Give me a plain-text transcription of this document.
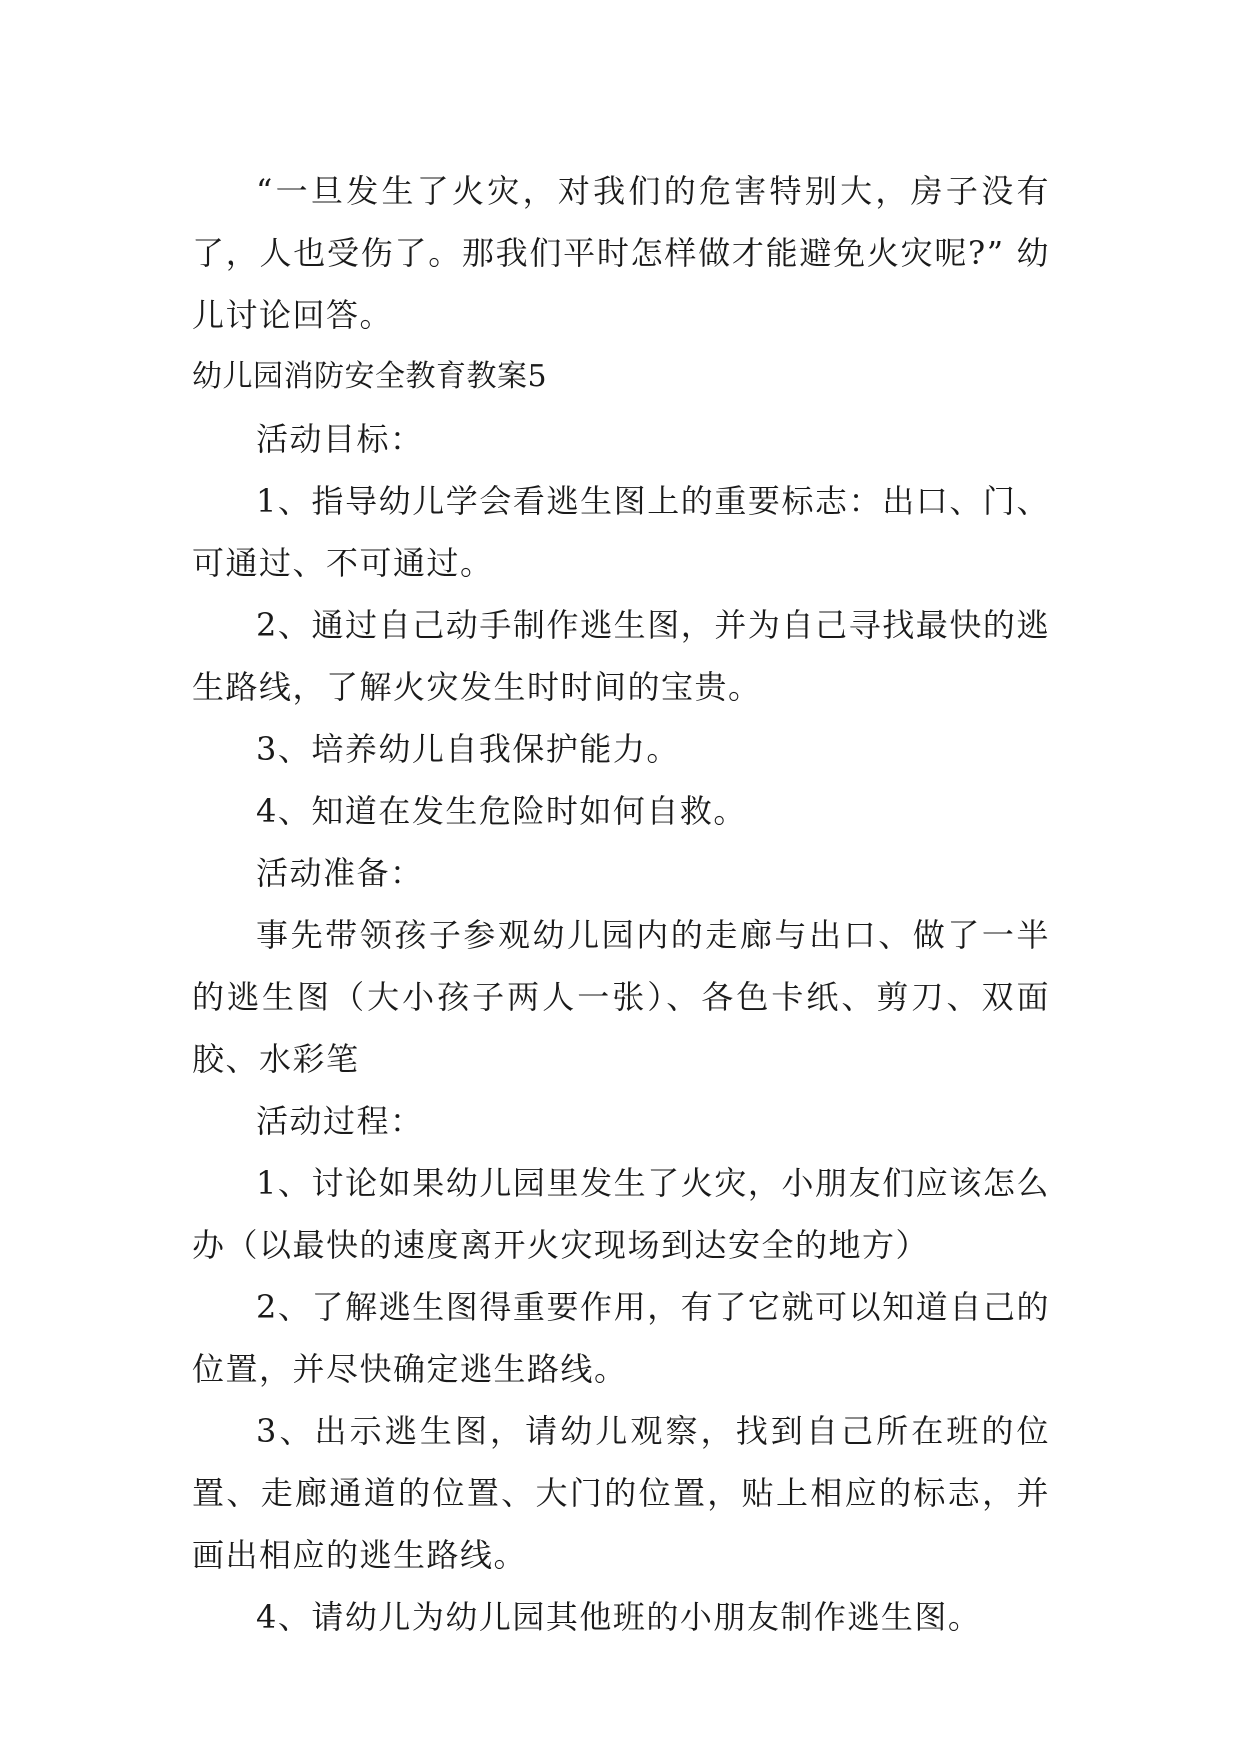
“一旦发生了火灾，对我们的危害特别大，房子没有了，人也受伤了。那我们平时怎样做才能避免火灾呢?” 幼儿讨论回答。

幼儿园消防安全教育教案5

活动目标：

1、指导幼儿学会看逃生图上的重要标志：出口、门、可通过、不可通过。

2、通过自己动手制作逃生图，并为自己寻找最快的逃生路线，了解火灾发生时时间的宝贵。

3、培养幼儿自我保护能力。

4、知道在发生危险时如何自救。

活动准备：

事先带领孩子参观幼儿园内的走廊与出口、做了一半的逃生图（大小孩子两人一张）、各色卡纸、剪刀、双面胶、水彩笔

活动过程：

1、讨论如果幼儿园里发生了火灾，小朋友们应该怎么办（以最快的速度离开火灾现场到达安全的地方）

2、了解逃生图得重要作用，有了它就可以知道自己的位置，并尽快确定逃生路线。

3、出示逃生图，请幼儿观察，找到自己所在班的位置、走廊通道的位置、大门的位置，贴上相应的标志，并画出相应的逃生路线。

4、请幼儿为幼儿园其他班的小朋友制作逃生图。
